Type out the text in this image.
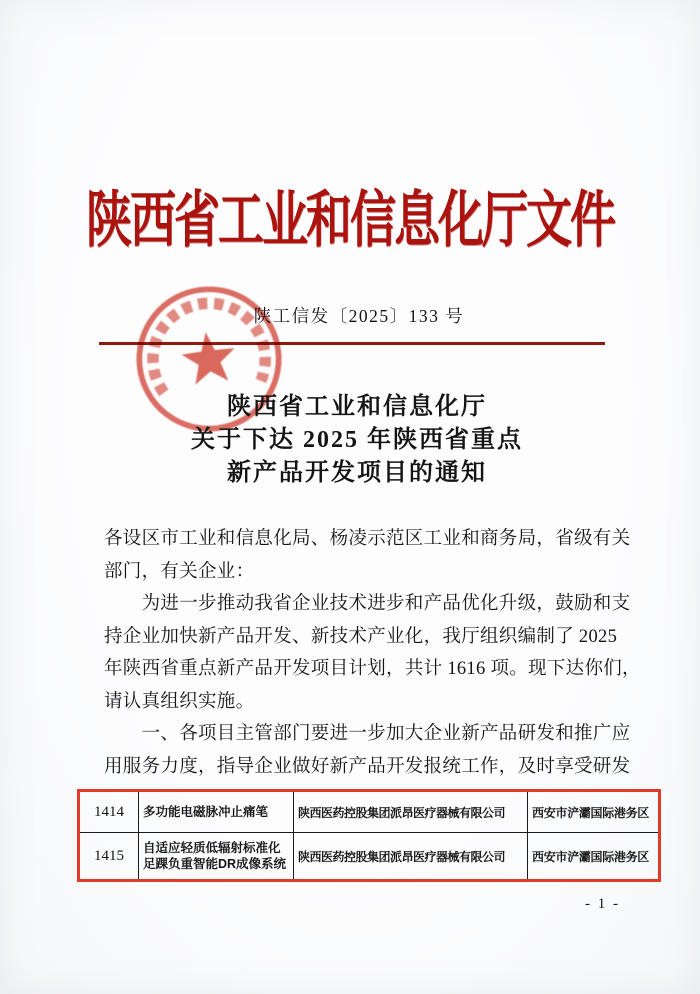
陕西省工业和信息化厅文件
陕工信发〔2025〕133 号
陕西省工业和信息化厅
关于下达 2025 年陕西省重点
新产品开发项目的通知
各设区市工业和信息化局、杨凌示范区工业和商务局，省级有关
部门，有关企业：
　　为进一步推动我省企业技术进步和产品优化升级，鼓励和支
持企业加快新产品开发、新技术产业化，我厅组织编制了 2025
年陕西省重点新产品开发项目计划，共计 1616 项。现下达你们，
请认真组织实施。
　　一、各项目主管部门要进一步加大企业新产品研发和推广应
用服务力度，指导企业做好新产品开发报统工作，及时享受研发
1414	多功能电磁脉冲止痛笔	陕西医药控股集团派昂医疗器械有限公司	西安市浐灞国际港务区
1415	自适应轻质低辐射标准化足踝负重智能DR成像系统	陕西医药控股集团派昂医疗器械有限公司	西安市浐灞国际港务区
- 1 -
